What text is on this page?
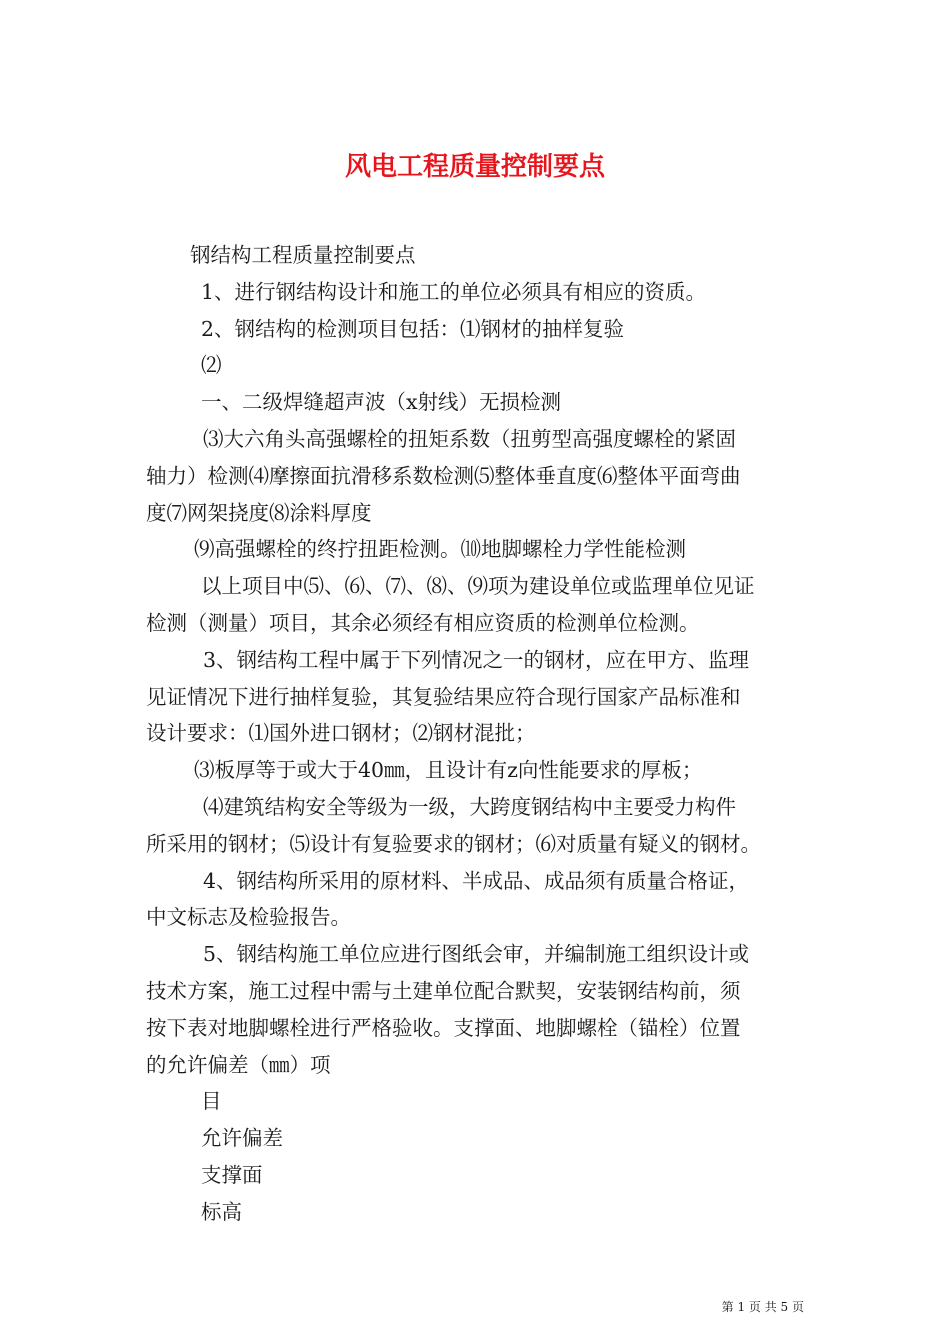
风电工程质量控制要点

钢结构工程质量控制要点

1、进行钢结构设计和施工的单位必须具有相应的资质。

2、钢结构的检测项目包括：⑴钢材的抽样复验

⑵

一、二级焊缝超声波（x射线）无损检测

⑶大六角头高强螺栓的扭矩系数（扭剪型高强度螺栓的紧固

轴力）检测⑷摩擦面抗滑移系数检测⑸整体垂直度⑹整体平面弯曲

度⑺网架挠度⑻涂料厚度

⑼高强螺栓的终拧扭距检测。⑽地脚螺栓力学性能检测

以上项目中⑸、⑹、⑺、⑻、⑼项为建设单位或监理单位见证

检测（测量）项目，其余必须经有相应资质的检测单位检测。

3、钢结构工程中属于下列情况之一的钢材，应在甲方、监理

见证情况下进行抽样复验，其复验结果应符合现行国家产品标准和

设计要求：⑴国外进口钢材；⑵钢材混批；

⑶板厚等于或大于40㎜，且设计有z向性能要求的厚板；

⑷建筑结构安全等级为一级，大跨度钢结构中主要受力构件

所采用的钢材；⑸设计有复验要求的钢材；⑹对质量有疑义的钢材。

4、钢结构所采用的原材料、半成品、成品须有质量合格证，

中文标志及检验报告。

5、钢结构施工单位应进行图纸会审，并编制施工组织设计或

技术方案，施工过程中需与土建单位配合默契，安装钢结构前，须

按下表对地脚螺栓进行严格验收。支撑面、地脚螺栓（锚栓）位置

的允许偏差（㎜）项

目

允许偏差

支撑面

标高

第 1 页 共 5 页
